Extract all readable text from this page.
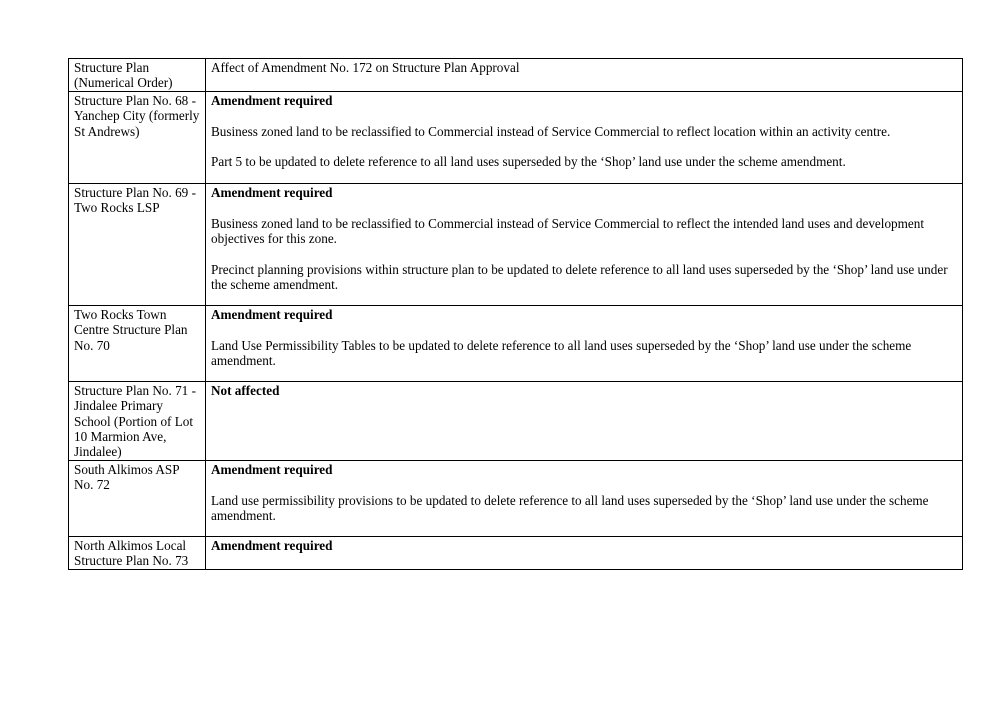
Structure Plan
(Numerical Order)	Affect of Amendment No. 172 on Structure Plan Approval
Structure Plan No. 68 - Yanchep City (formerly St Andrews)	Amendment required
Business zoned land to be reclassified to Commercial instead of Service Commercial to reflect location within an activity centre.
Part 5 to be updated to delete reference to all land uses superseded by the ‘Shop’ land use under the scheme amendment.

Structure Plan No. 69 - Two Rocks LSP	Amendment required
Business zoned land to be reclassified to Commercial instead of Service Commercial to reflect the intended land uses and development objectives for this zone.
Precinct planning provisions within structure plan to be updated to delete reference to all land uses superseded by the ‘Shop’ land use under the scheme amendment.

Two Rocks Town Centre Structure Plan No. 70	Amendment required
Land Use Permissibility Tables to be updated to delete reference to all land uses superseded by the ‘Shop’ land use under the scheme amendment.

Structure Plan No. 71 - Jindalee Primary School (Portion of Lot 10 Marmion Ave, Jindalee)	Not affected

South Alkimos ASP No. 72	Amendment required
Land use permissibility provisions to be updated to delete reference to all land uses superseded by the ‘Shop’ land use under the scheme amendment.

North Alkimos Local Structure Plan No. 73	Amendment required
